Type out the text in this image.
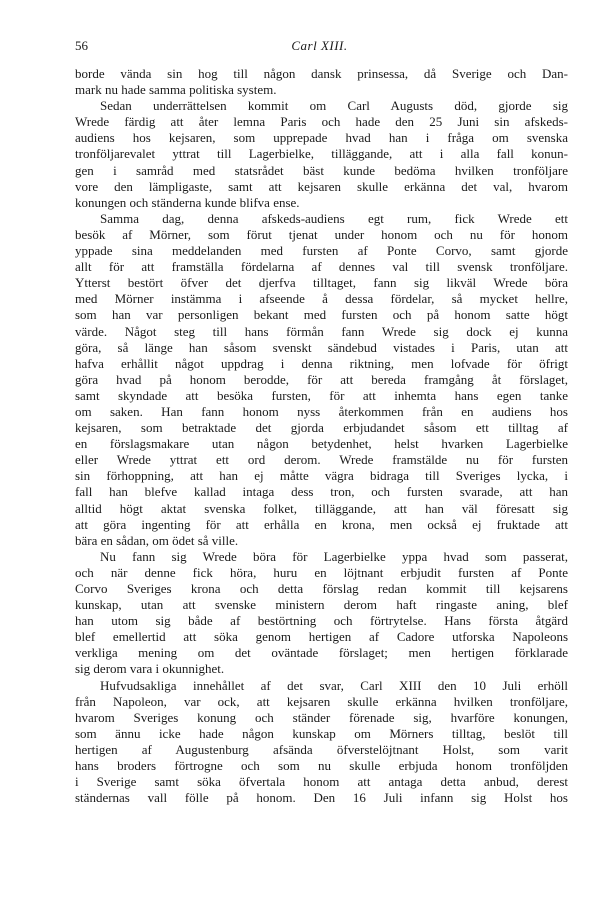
56	Carl XIII.
borde vända sin hog till någon dansk prinsessa, då Sverige och Dan-
mark nu hade samma politiska system.
Sedan underrättelsen kommit om Carl Augusts död, gjorde sig
Wrede färdig att åter lemna Paris och hade den 25 Juni sin afskeds-
audiens hos kejsaren, som upprepade hvad han i fråga om svenska
tronföljarevalet yttrat till Lagerbielke, tilläggande, att i alla fall konun-
gen i samråd med statsrådet bäst kunde bedöma hvilken tronföljare
vore den lämpligaste, samt att kejsaren skulle erkänna det val, hvarom
konungen och ständerna kunde blifva ense.
Samma dag, denna afskeds-audiens egt rum, fick Wrede ett
besök af Mörner, som förut tjenat under honom och nu för honom
yppade sina meddelanden med fursten af Ponte Corvo, samt gjorde
allt för att framställa fördelarna af dennes val till svensk tronföljare.
Ytterst bestört öfver det djerfva tilltaget, fann sig likväl Wrede böra
med Mörner instämma i afseende å dessa fördelar, så mycket hellre,
som han var personligen bekant med fursten och på honom satte högt
värde. Något steg till hans förmån fann Wrede sig dock ej kunna
göra, så länge han såsom svenskt sändebud vistades i Paris, utan att
hafva erhållit något uppdrag i denna riktning, men lofvade för öfrigt
göra hvad på honom berodde, för att bereda framgång åt förslaget,
samt skyndade att besöka fursten, för att inhemta hans egen tanke
om saken. Han fann honom nyss återkommen från en audiens hos
kejsaren, som betraktade det gjorda erbjudandet såsom ett tilltag af
en förslagsmakare utan någon betydenhet, helst hvarken Lagerbielke
eller Wrede yttrat ett ord derom. Wrede framstälde nu för fursten
sin förhoppning, att han ej måtte vägra bidraga till Sveriges lycka, i
fall han blefve kallad intaga dess tron, och fursten svarade, att han
alltid högt aktat svenska folket, tilläggande, att han väl föresatt sig
att göra ingenting för att erhålla en krona, men också ej fruktade att
bära en sådan, om ödet så ville.
Nu fann sig Wrede böra för Lagerbielke yppa hvad som passerat,
och när denne fick höra, huru en löjtnant erbjudit fursten af Ponte
Corvo Sveriges krona och detta förslag redan kommit till kejsarens
kunskap, utan att svenske ministern derom haft ringaste aning, blef
han utom sig både af bestörtning och förtrytelse. Hans första åtgärd
blef emellertid att söka genom hertigen af Cadore utforska Napoleons
verkliga mening om det oväntade förslaget; men hertigen förklarade
sig derom vara i okunnighet.
Hufvudsakliga innehållet af det svar, Carl XIII den 10 Juli erhöll
från Napoleon, var ock, att kejsaren skulle erkänna hvilken tronföljare,
hvarom Sveriges konung och ständer förenade sig, hvarföre konungen,
som ännu icke hade någon kunskap om Mörners tilltag, beslöt till
hertigen af Augustenburg afsända öfverstelöjtnant Holst, som varit
hans broders förtrogne och som nu skulle erbjuda honom tronföljden
i Sverige samt söka öfvertala honom att antaga detta anbud, derest
ständernas vall fölle på honom. Den 16 Juli infann sig Holst hos
